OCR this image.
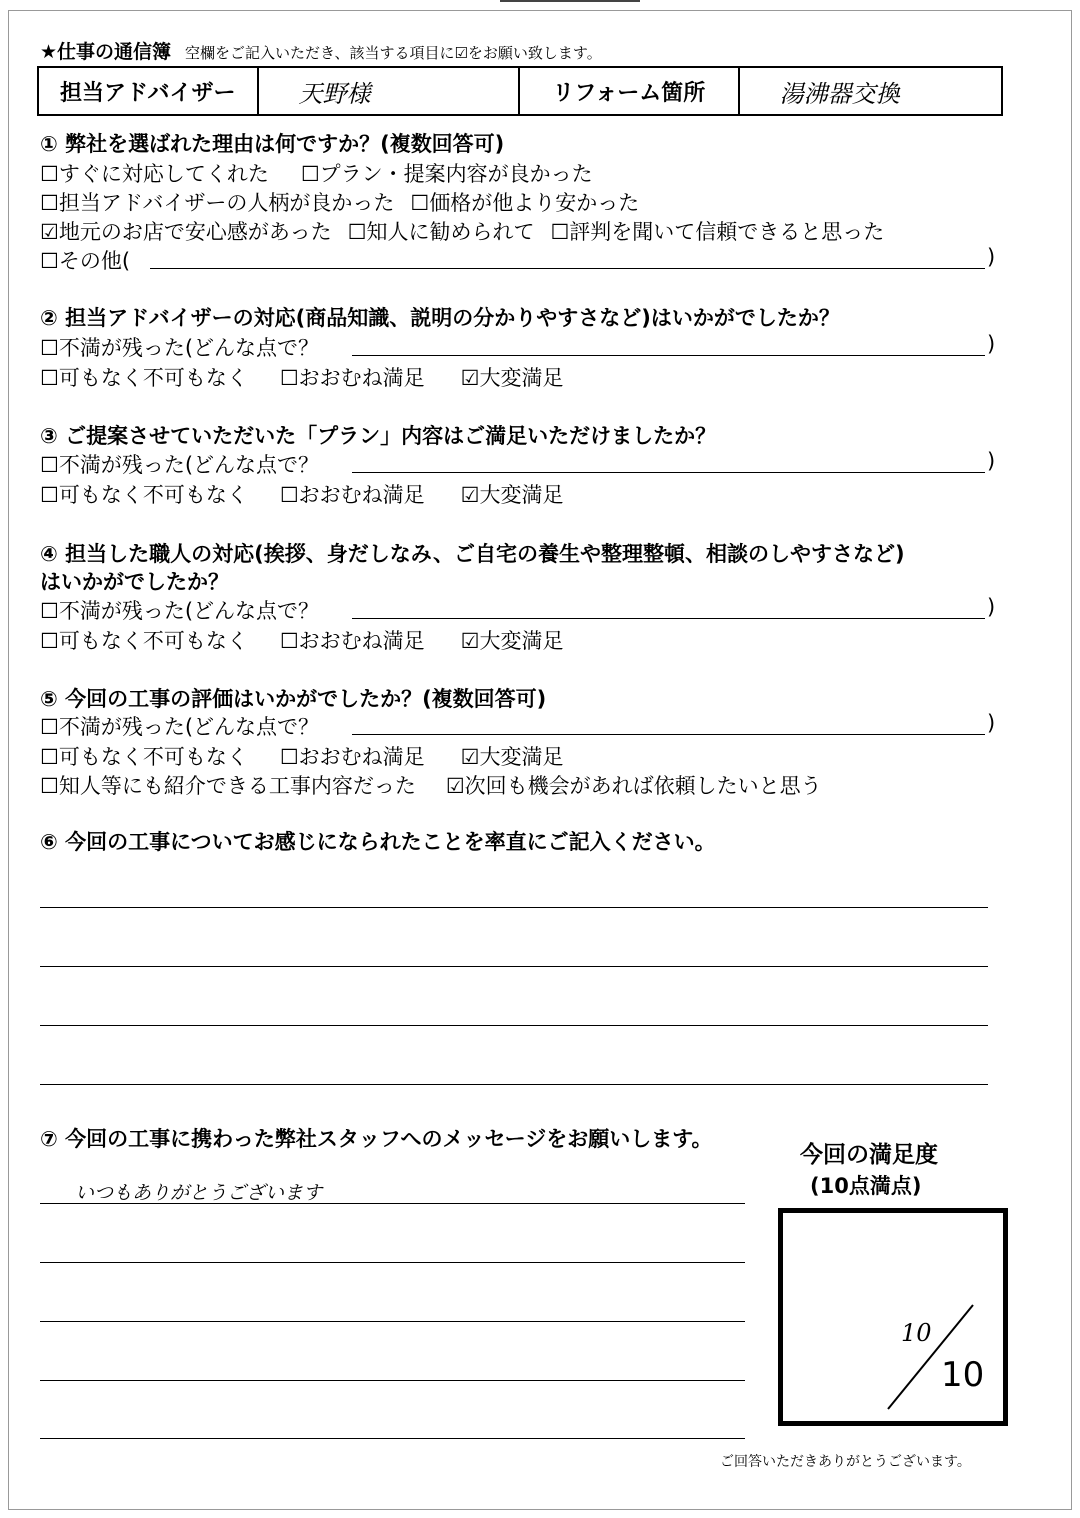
★仕事の通信簿 空欄をご記入いただき、該当する項目に☑をお願い致します。
担当アドバイザー	天野様	リフォーム箇所	湯沸器交換
① 弊社を選ばれた理由は何ですか？(複数回答可)
☐すぐに対応してくれた ☐プラン・提案内容が良かった
☐担当アドバイザーの人柄が良かった ☐価格が他より安かった
☑地元のお店で安心感があった ☐知人に勧められて ☐評判を聞いて信頼できると思った
☐その他(	)
② 担当アドバイザーの対応(商品知識、説明の分かりやすさなど)はいかがでしたか？
☐不満が残った(どんな点で？	)
☐可もなく不可もなく ☐おおむね満足 ☑大変満足
③ ご提案させていただいた「プラン」内容はご満足いただけましたか？
☐不満が残った(どんな点で？	)
☐可もなく不可もなく ☐おおむね満足 ☑大変満足
④ 担当した職人の対応(挨拶、身だしなみ、ご自宅の養生や整理整頓、相談のしやすさなど)
はいかがでしたか？
☐不満が残った(どんな点で？	)
☐可もなく不可もなく ☐おおむね満足 ☑大変満足
⑤ 今回の工事の評価はいかがでしたか？(複数回答可)
☐不満が残った(どんな点で？	)
☐可もなく不可もなく ☐おおむね満足 ☑大変満足
☐知人等にも紹介できる工事内容だった ☑次回も機会があれば依頼したいと思う
⑥ 今回の工事についてお感じになられたことを率直にご記入ください。
⑦ 今回の工事に携わった弊社スタッフへのメッセージをお願いします。
いつもありがとうございます
今回の満足度
(10点満点)
10
10
ご回答いただきありがとうございます。
